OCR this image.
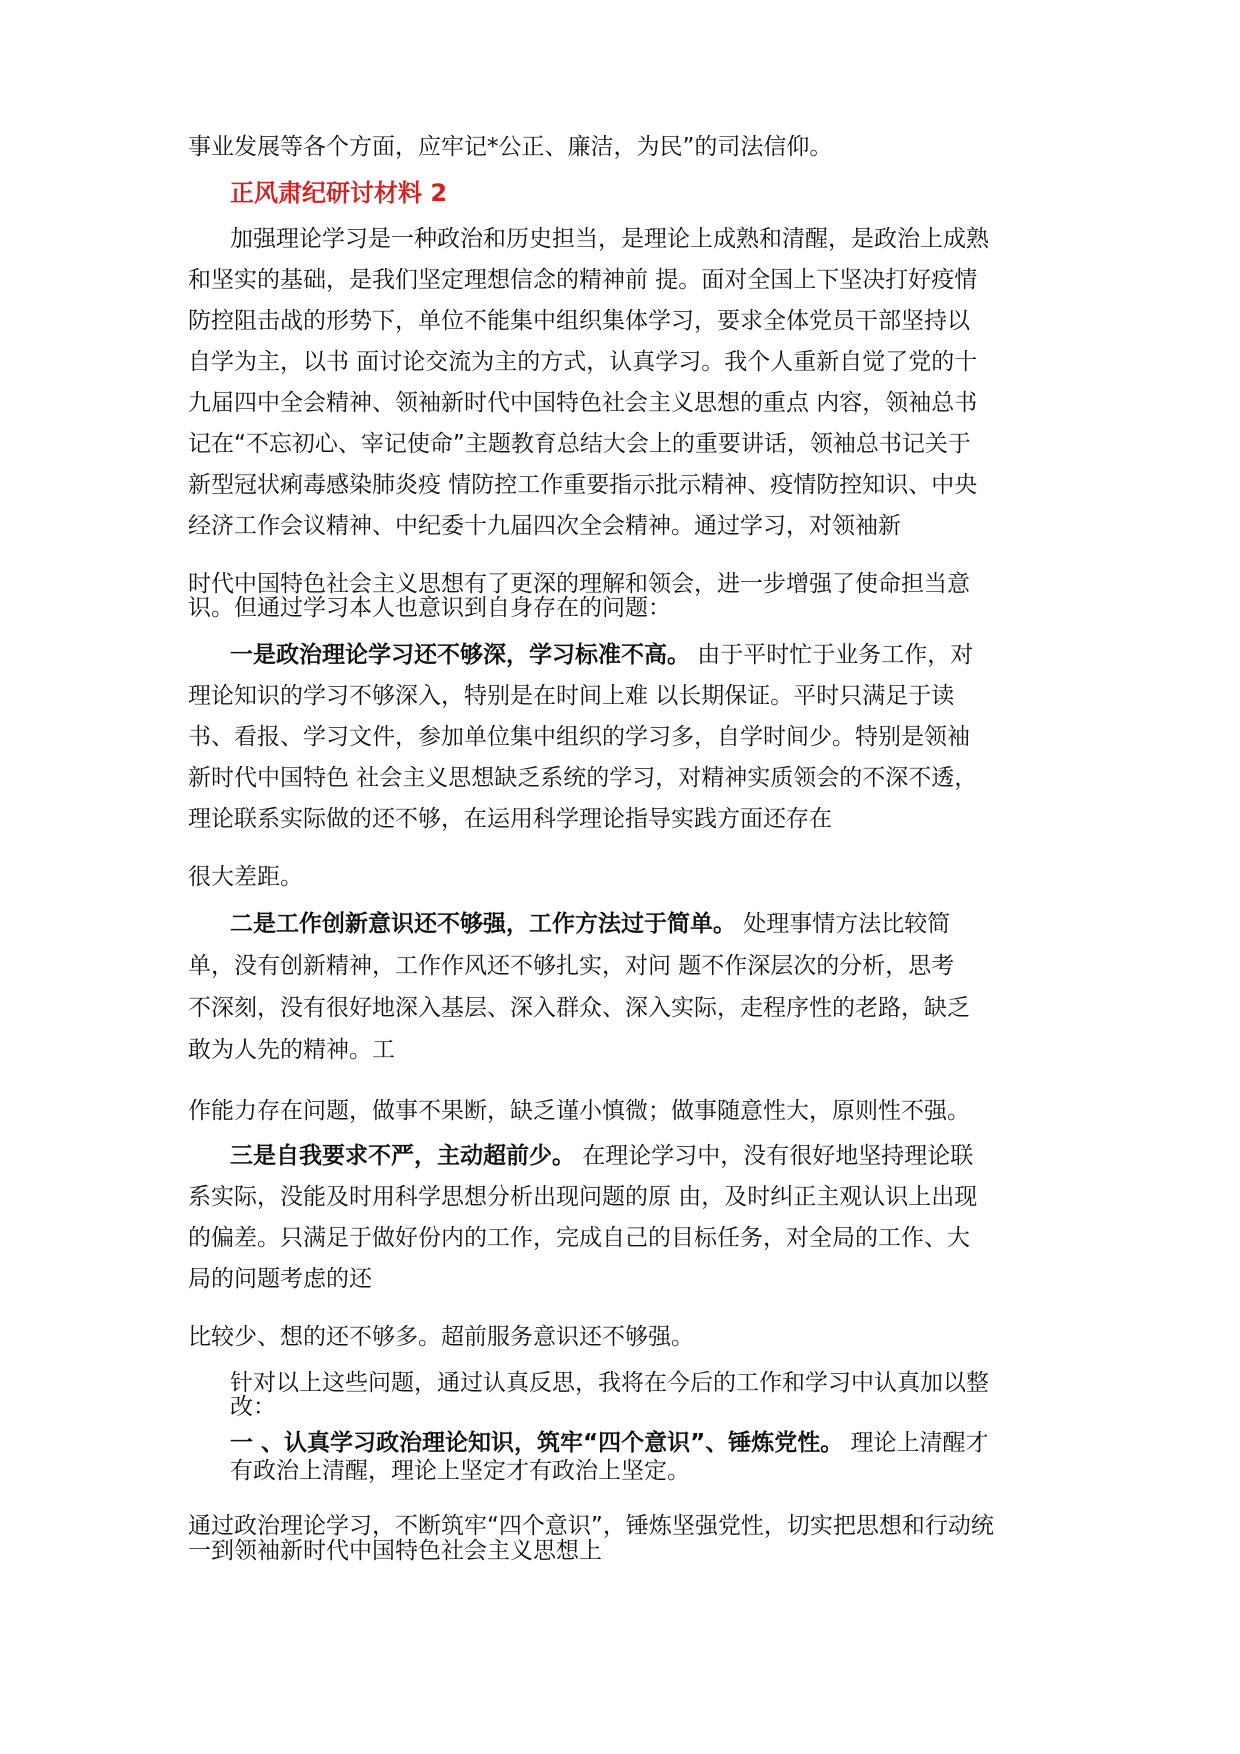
事业发展等各个方面，应牢记*公正、廉洁，为民”的司法信仰。

正风肃纪研讨材料 2

加强理论学习是一种政治和历史担当，是理论上成熟和清醒，是政治上成熟

和坚实的基础，是我们坚定理想信念的精神前 提。面对全国上下坚决打好疫情

防控阻击战的形势下，单位不能集中组织集体学习，要求全体党员干部坚持以

自学为主，以书 面讨论交流为主的方式，认真学习。我个人重新自觉了党的十

九届四中全会精神、领袖新时代中国特色社会主义思想的重点 内容，领袖总书

记在“不忘初心、宰记使命”主题教育总结大会上的重要讲话，领袖总书记关于

新型冠状痢毒感染肺炎疫 情防控工作重要指示批示精神、疫情防控知识、中央

经济工作会议精神、中纪委十九届四次全会精神。通过学习，对领袖新

时代中国特色社会主义思想有了更深的理解和领会，进一步增强了使命担当意

识。但通过学习本人也意识到自身存在的问题：

一是政治理论学习还不够深，学习标准不高。 由于平时忙于业务工作，对

理论知识的学习不够深入，特别是在时间上难 以长期保证。平时只满足于读

书、看报、学习文件，参加单位集中组织的学习多，自学时间少。特别是领袖

新时代中国特色 社会主义思想缺乏系统的学习，对精神实质领会的不深不透，

理论联系实际做的还不够，在运用科学理论指导实践方面还存在

很大差距。

二是工作创新意识还不够强，工作方法过于简单。 处理事情方法比较简

单，没有创新精神，工作作风还不够扎实，对问 题不作深层次的分析，思考

不深刻，没有很好地深入基层、深入群众、深入实际，走程序性的老路，缺乏

敢为人先的精神。工

作能力存在问题，做事不果断，缺乏谨小慎微；做事随意性大，原则性不强。

三是自我要求不严，主动超前少。 在理论学习中，没有很好地坚持理论联

系实际，没能及时用科学思想分析出现问题的原 由，及时纠正主观认识上出现

的偏差。只满足于做好份内的工作，完成自己的目标任务，对全局的工作、大

局的问题考虑的还

比较少、想的还不够多。超前服务意识还不够强。

针对以上这些问题，通过认真反思，我将在今后的工作和学习中认真加以整

改：

一 、认真学习政治理论知识，筑牢“四个意识”、锤炼党性。 理论上清醒才

有政治上清醒，理论上坚定才有政治上坚定。

通过政治理论学习，不断筑牢“四个意识”，锤炼坚强党性，切实把思想和行动统

一到领袖新时代中国特色社会主义思想上
